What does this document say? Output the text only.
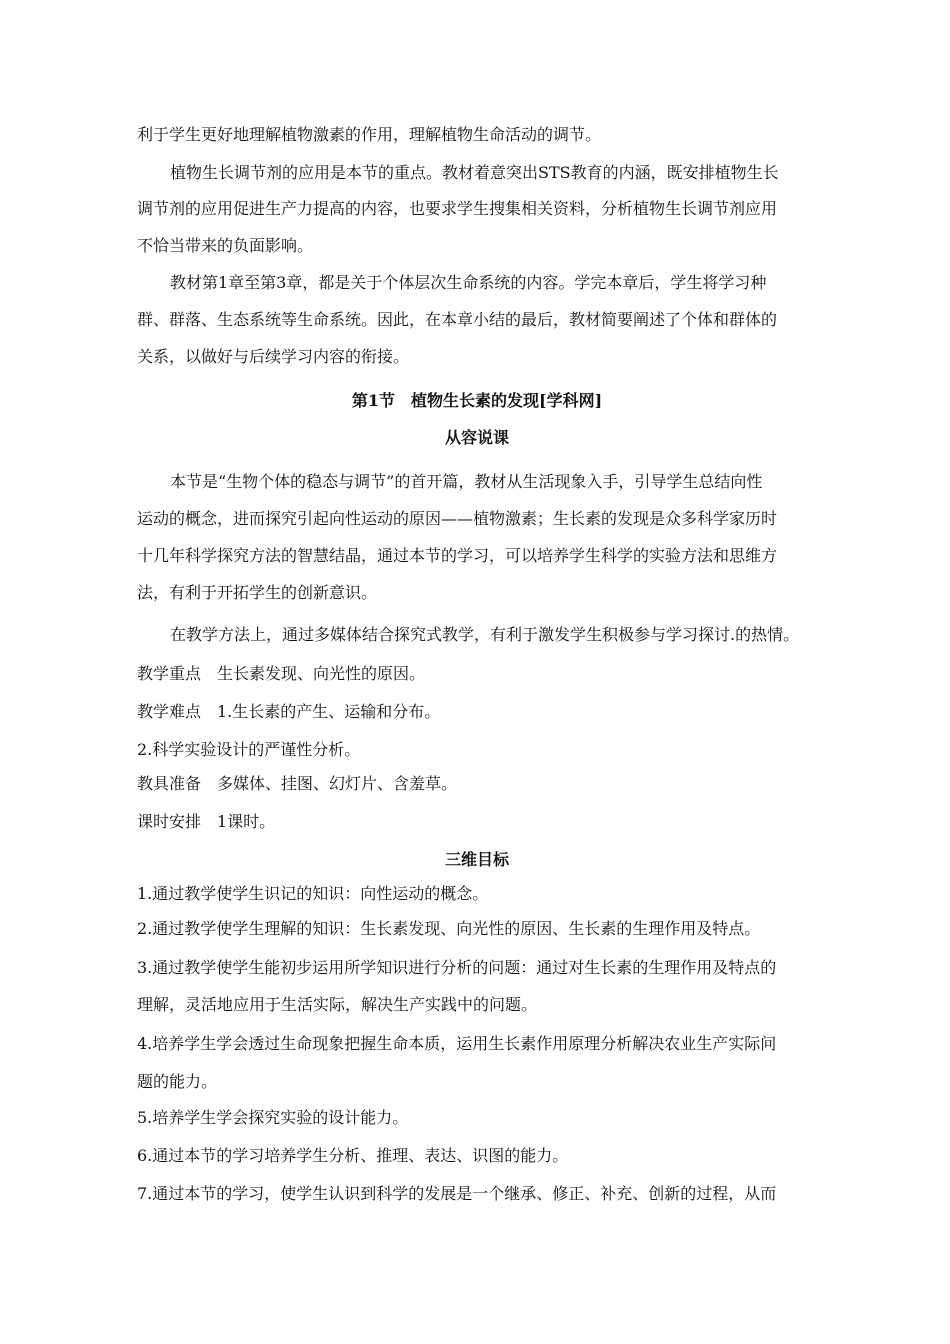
利于学生更好地理解植物激素的作用，理解植物生命活动的调节。
植物生长调节剂的应用是本节的重点。教材着意突出STS教育的内涵，既安排植物生长
调节剂的应用促进生产力提高的内容，也要求学生搜集相关资料，分析植物生长调节剂应用
不恰当带来的负面影响。
教材第1章至第3章，都是关于个体层次生命系统的内容。学完本章后，学生将学习种
群、群落、生态系统等生命系统。因此，在本章小结的最后，教材简要阐述了个体和群体的
关系，以做好与后续学习内容的衔接。
第1节　植物生长素的发现[学科网]
从容说课
本节是“生物个体的稳态与调节”的首开篇，教材从生活现象入手，引导学生总结向性
运动的概念，进而探究引起向性运动的原因——植物激素；生长素的发现是众多科学家历时
十几年科学探究方法的智慧结晶，通过本节的学习，可以培养学生科学的实验方法和思维方
法，有利于开拓学生的创新意识。
在教学方法上，通过多媒体结合探究式教学，有利于激发学生积极参与学习探讨.的热情。
教学重点　生长素发现、向光性的原因。
教学难点　1.生长素的产生、运输和分布。
2.科学实验设计的严谨性分析。
教具准备　多媒体、挂图、幻灯片、含羞草。
课时安排　1课时。
三维目标
1.通过教学使学生识记的知识：向性运动的概念。
2.通过教学使学生理解的知识：生长素发现、向光性的原因、生长素的生理作用及特点。
3.通过教学使学生能初步运用所学知识进行分析的问题：通过对生长素的生理作用及特点的
理解，灵活地应用于生活实际，解决生产实践中的问题。
4.培养学生学会透过生命现象把握生命本质，运用生长素作用原理分析解决农业生产实际问
题的能力。
5.培养学生学会探究实验的设计能力。
6.通过本节的学习培养学生分析、推理、表达、识图的能力。
7.通过本节的学习，使学生认识到科学的发展是一个继承、修正、补充、创新的过程，从而
